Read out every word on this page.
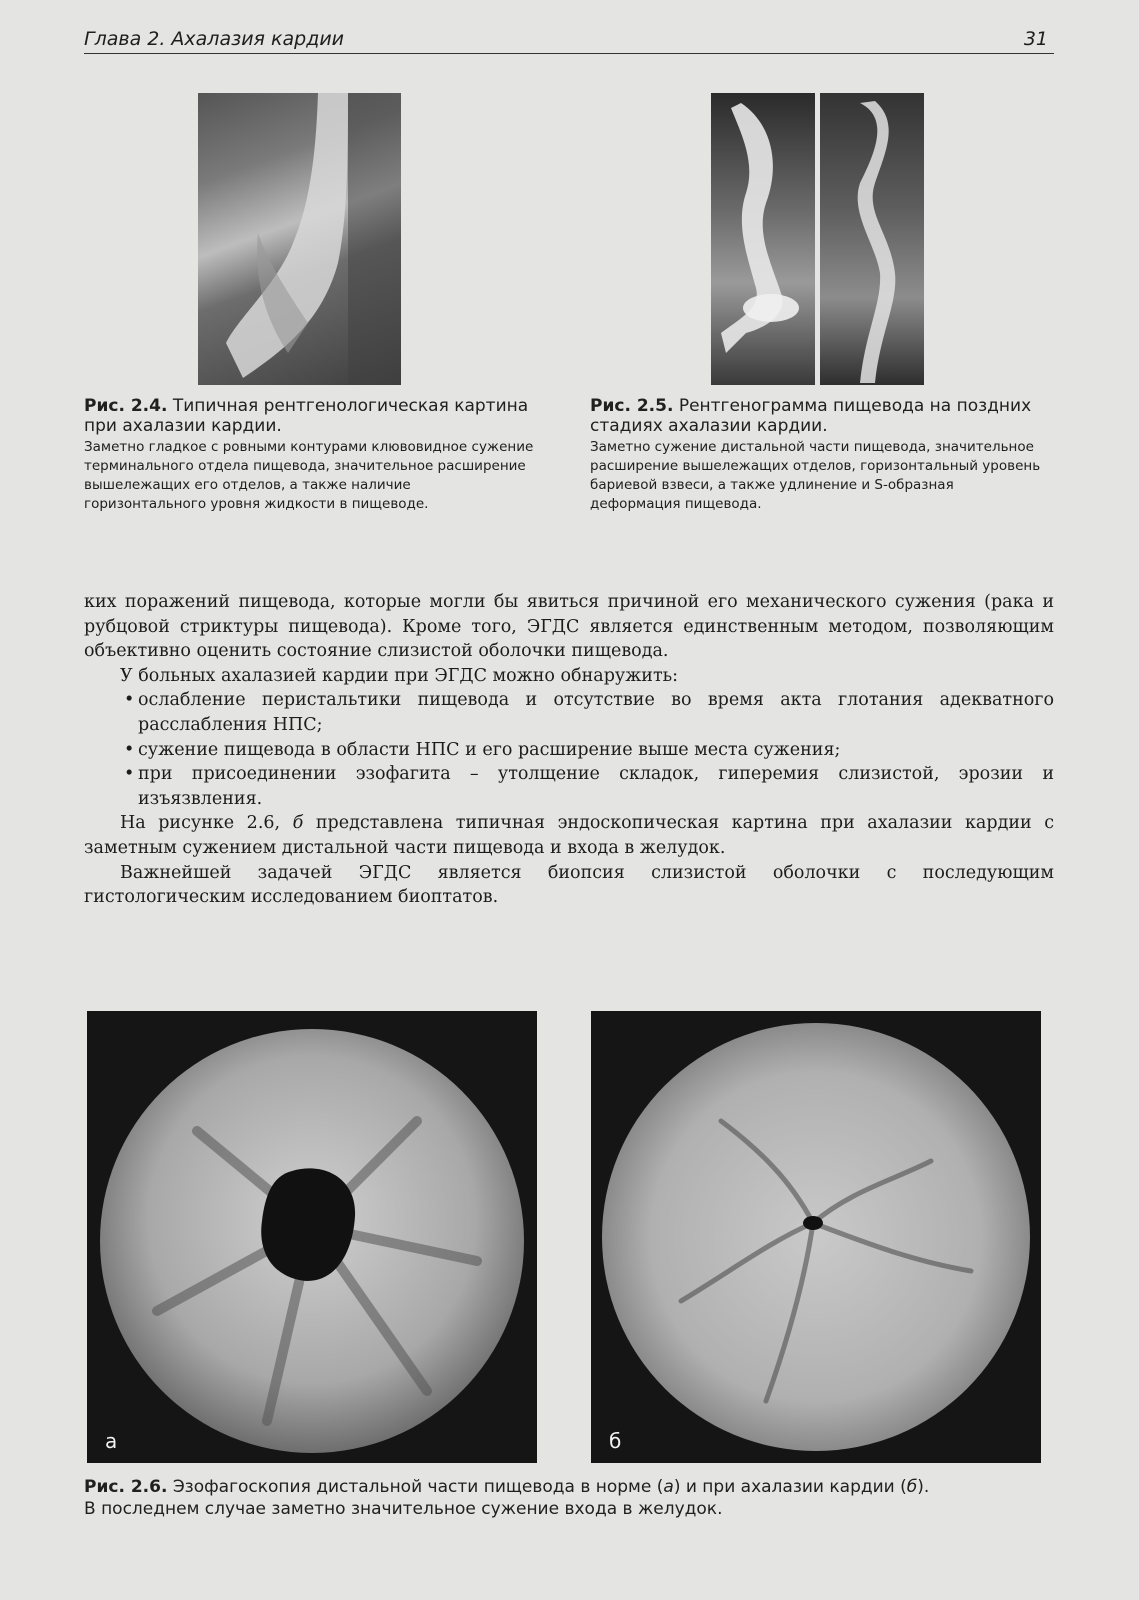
Глава 2. Ахалазия кардии	31
Рис. 2.4. Типичная рентгенологическая картина при ахалазии кардии.
Заметно гладкое с ровными контурами клювовидное сужение терминального отдела пищевода, значительное расширение вышележащих его отделов, а также наличие горизонтального уровня жидкости в пищеводе.
Рис. 2.5. Рентгенограмма пищевода на поздних стадиях ахалазии кардии.
Заметно сужение дистальной части пищевода, значительное расширение вышележащих отделов, горизонтальный уровень бариевой взвеси, а также удлинение и S-образная деформация пищевода.

ких поражений пищевода, которые могли бы явиться причиной его механического сужения (рака и рубцовой стриктуры пищевода). Кроме того, ЭГДС является единственным методом, позволяющим объективно оценить состояние слизистой оболочки пищевода.

У больных ахалазией кардии при ЭГДС можно обнаружить:

• ослабление перистальтики пищевода и отсутствие во время акта глотания адекватного расслабления НПС;

• сужение пищевода в области НПС и его расширение выше места сужения;

• при присоединении эзофагита – утолщение складок, гиперемия слизистой, эрозии и изъязвления.

На рисунке 2.6, б представлена типичная эндоскопическая картина при ахалазии кардии с заметным сужением дистальной части пищевода и входа в желудок.

Важнейшей задачей ЭГДС является биопсия слизистой оболочки с последующим гистологическим исследованием биоптатов.

а	б
Рис. 2.6. Эзофагоскопия дистальной части пищевода в норме (а) и при ахалазии кардии (б).
В последнем случае заметно значительное сужение входа в желудок.
